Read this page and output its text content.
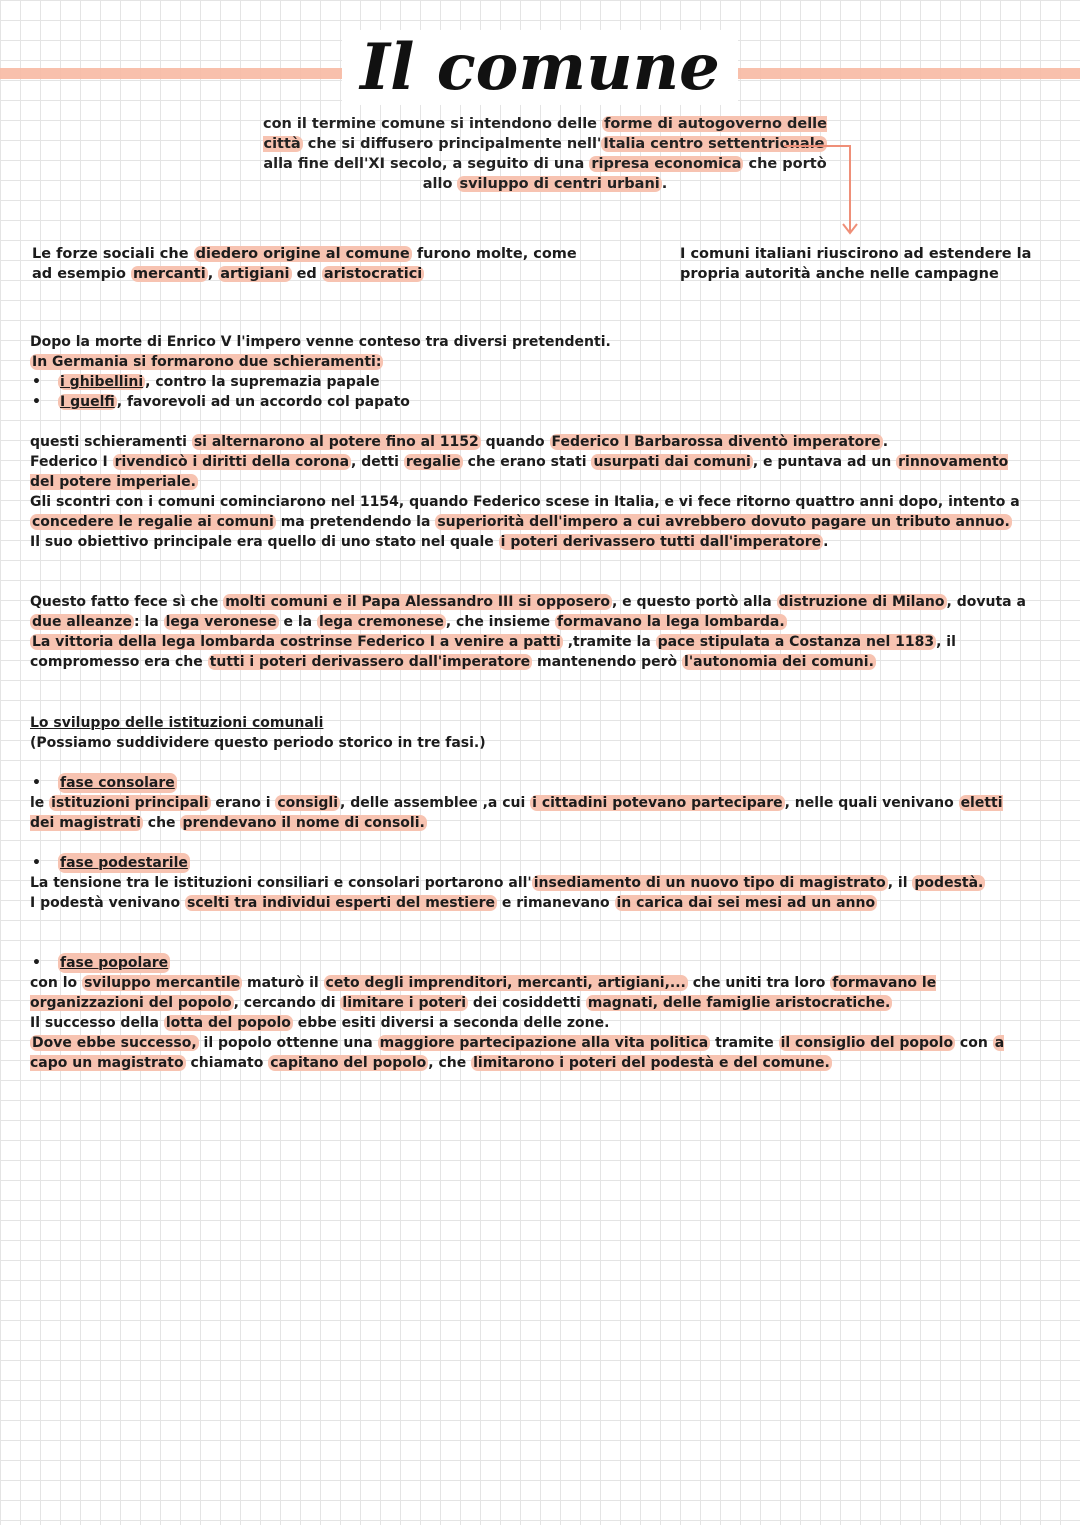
Il comune
con il termine comune si intendono delle forme di autogoverno delle città che si diffusero principalmente nell' Italia centro settentrionale alla fine dell'XI secolo, a seguito di una ripresa economica che portò allo sviluppo di centri urbani .
Le forze sociali che diedero origine al comune furono molte, come ad esempio mercanti , artigiani ed aristocratici
I comuni italiani riuscirono ad estendere la propria autorità anche nelle campagne

Dopo la morte di Enrico V l'impero venne conteso tra diversi pretendenti.

In Germania si formarono due schieramenti:

•	i ghibellini , contro la supremazia papale
•	I guelfi , favorevoli ad un accordo col papato

questi schieramenti si alternarono al potere fino al 1152 quando Federico I Barbarossa diventò imperatore .

Federico I rivendicò i diritti della corona , detti regalie che erano stati usurpati dai comuni , e puntava ad un rinnovamento del potere imperiale.

Gli scontri con i comuni cominciarono nel 1154, quando Federico scese in Italia, e vi fece ritorno quattro anni dopo, intento a concedere le regalie ai comuni ma pretendendo la superiorità dell'impero a cui avrebbero dovuto pagare un tributo annuo.

Il suo obiettivo principale era quello di uno stato nel quale i poteri derivassero tutti dall'imperatore .

Questo fatto fece sì che molti comuni e il Papa Alessandro III si opposero , e questo portò alla distruzione di Milano , dovuta a due alleanze : la lega veronese e la lega cremonese , che insieme formavano la lega lombarda.

La vittoria della lega lombarda costrinse Federico I a venire a patti ,tramite la pace stipulata a Costanza nel 1183 , il compromesso era che tutti i poteri derivassero dall'imperatore mantenendo però l'autonomia dei comuni.

Lo sviluppo delle istituzioni comunali

(Possiamo suddividere questo periodo storico in tre fasi.)

•	fase consolare

le istituzioni principali erano i consigli , delle assemblee ,a cui i cittadini potevano partecipare , nelle quali venivano eletti dei magistrati che prendevano il nome di consoli.

•	fase podestarile

La tensione tra le istituzioni consiliari e consolari portarono all' insediamento di un nuovo tipo di magistrato , il podestà.

I podestà venivano scelti tra individui esperti del mestiere e rimanevano in carica dai sei mesi ad un anno

•	fase popolare

con lo sviluppo mercantile maturò il ceto degli imprenditori, mercanti, artigiani,... che uniti tra loro formavano le organizzazioni del popolo , cercando di limitare i poteri dei cosiddetti magnati, delle famiglie aristocratiche.

Il successo della lotta del popolo ebbe esiti diversi a seconda delle zone.

Dove ebbe successo, il popolo ottenne una maggiore partecipazione alla vita politica tramite il consiglio del popolo con a capo un magistrato chiamato capitano del popolo , che limitarono i poteri del podestà e del comune.
